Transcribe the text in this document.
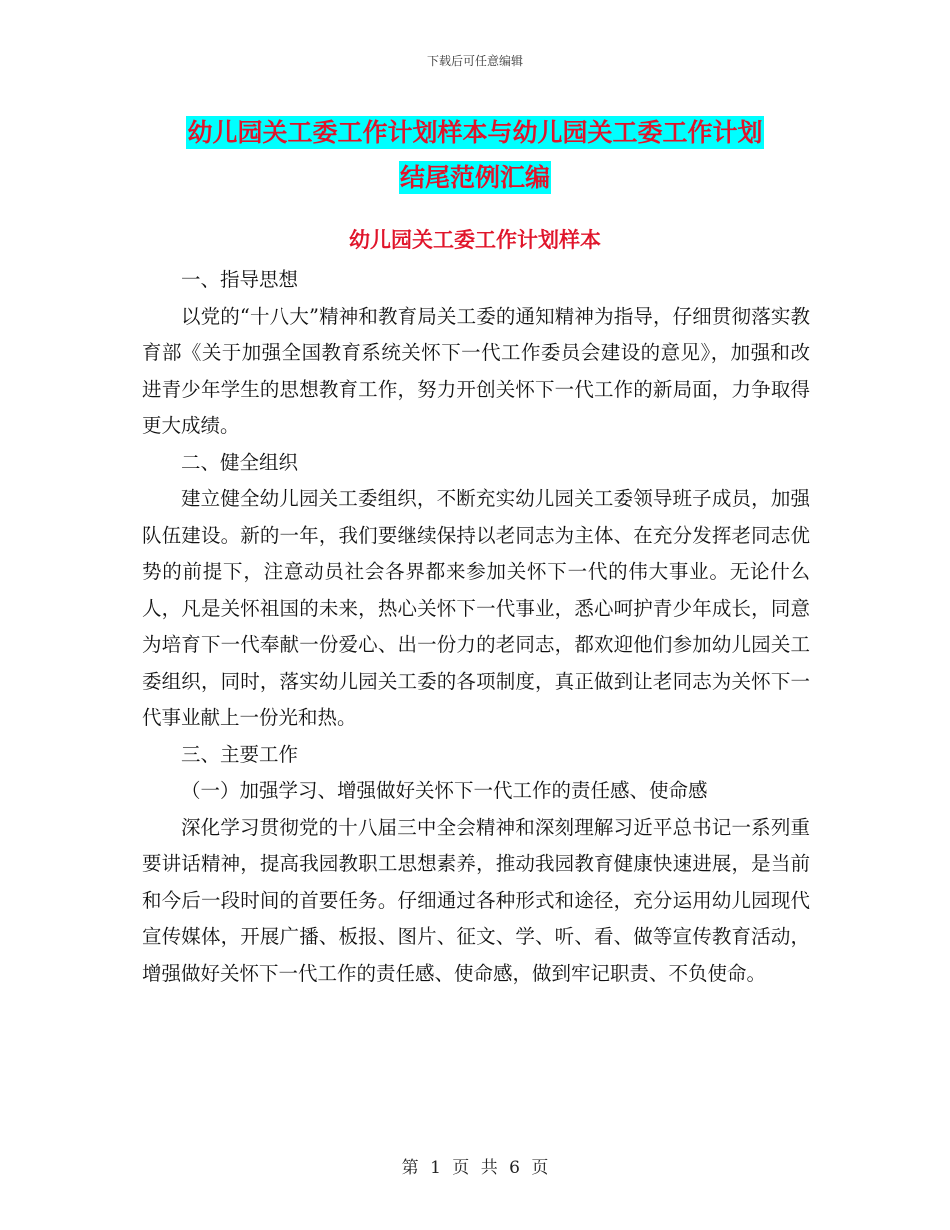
下载后可任意编辑
幼儿园关工委工作计划样本与幼儿园关工委工作计划
结尾范例汇编
幼儿园关工委工作计划样本

一、指导思想

以党的“十八大”精神和教育局关工委的通知精神为指导，仔细贯彻落实教育部《关于加强全国教育系统关怀下一代工作委员会建设的意见》，加强和改进青少年学生的思想教育工作，努力开创关怀下一代工作的新局面，力争取得更大成绩。

二、健全组织

建立健全幼儿园关工委组织，不断充实幼儿园关工委领导班子成员，加强队伍建设。新的一年，我们要继续保持以老同志为主体、在充分发挥老同志优势的前提下，注意动员社会各界都来参加关怀下一代的伟大事业。无论什么人，凡是关怀祖国的未来，热心关怀下一代事业，悉心呵护青少年成长，同意为培育下一代奉献一份爱心、出一份力的老同志，都欢迎他们参加幼儿园关工委组织，同时，落实幼儿园关工委的各项制度，真正做到让老同志为关怀下一代事业献上一份光和热。

三、主要工作

（一）加强学习、增强做好关怀下一代工作的责任感、使命感

深化学习贯彻党的十八届三中全会精神和深刻理解习近平总书记一系列重要讲话精神，提高我园教职工思想素养，推动我园教育健康快速进展，是当前和今后一段时间的首要任务。仔细通过各种形式和途径，充分运用幼儿园现代宣传媒体，开展广播、板报、图片、征文、学、听、看、做等宣传教育活动，增强做好关怀下一代工作的责任感、使命感，做到牢记职责、不负使命。

第 1 页 共 6 页
